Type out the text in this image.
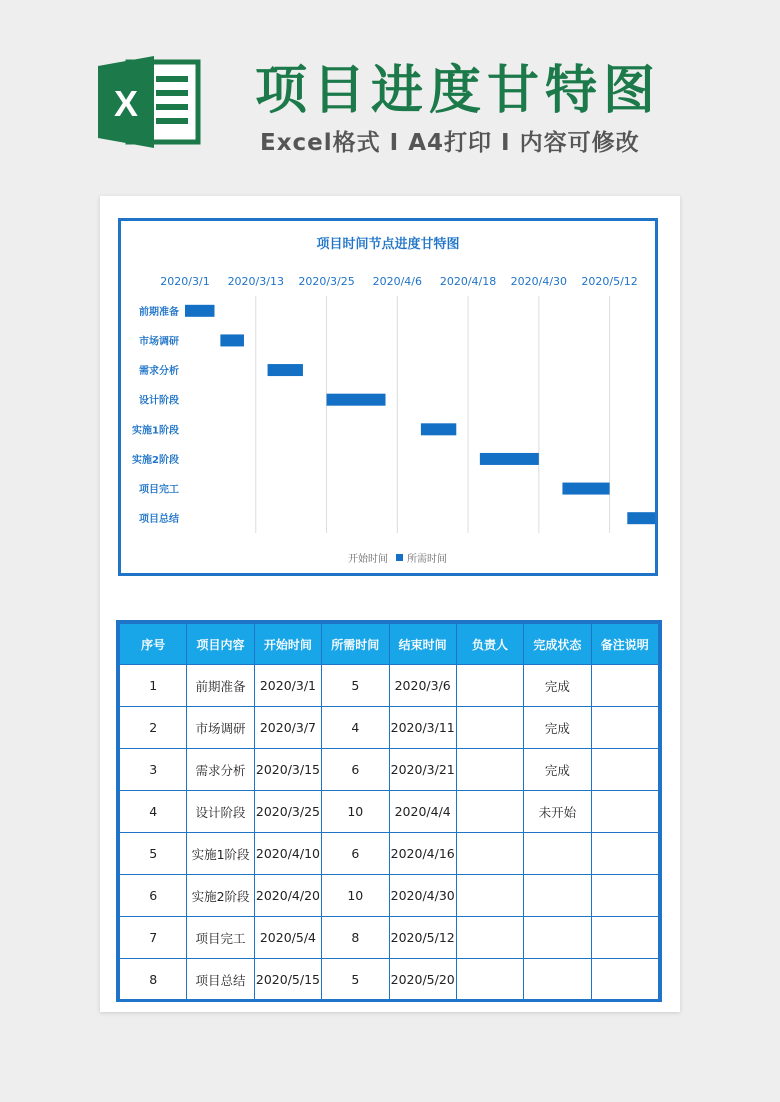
X 项目进度甘特图
Excel格式 I A4打印 I 内容可修改
项目时间节点进度甘特图
2020/3/1 2020/3/13 2020/3/25 2020/4/6 2020/4/18 2020/4/30 2020/5/12
前期准备
市场调研
需求分析
设计阶段
实施1阶段
实施2阶段
项目完工
项目总结
开始时间 所需时间
序号	项目内容	开始时间	所需时间	结束时间	负责人	完成状态	备注说明
1	前期准备	2020/3/1	5	2020/3/6		完成	
2	市场调研	2020/3/7	4	2020/3/11		完成	
3	需求分析	2020/3/15	6	2020/3/21		完成	
4	设计阶段	2020/3/25	10	2020/4/4		未开始	
5	实施1阶段	2020/4/10	6	2020/4/16			
6	实施2阶段	2020/4/20	10	2020/4/30			
7	项目完工	2020/5/4	8	2020/5/12			
8	项目总结	2020/5/15	5	2020/5/20			
